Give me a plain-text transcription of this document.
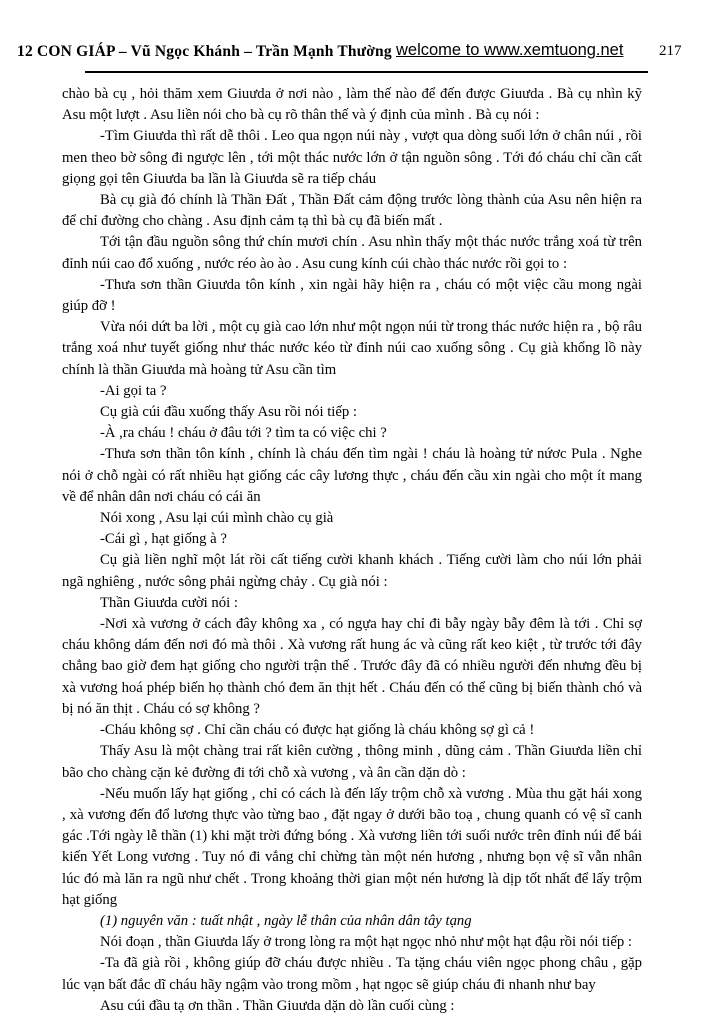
12 CON GIÁP – Vũ Ngọc Khánh – Trần Mạnh Thường welcome to www.xemtuong.net 217

chào bà cụ , hỏi thăm xem Giuưda ở nơi nào , làm thế nào để đến được Giuưda . Bà cụ nhìn kỹ Asu một lượt . Asu liền nói cho bà cụ rõ thân thế và ý định của mình . Bà cụ nói :

-Tìm Giuưda thì rất dễ thôi . Leo qua ngọn núi này , vượt qua dòng suối lớn ở chân núi , rồi men theo bờ sông đi ngược lên , tới một thác nước lớn ở tận nguồn sông . Tới đó cháu chỉ cần cất giọng gọi tên Giuưda ba lần là Giuưda sẽ ra tiếp cháu

Bà cụ già đó chính là Thần Đất , Thần Đất cảm động trước lòng thành của Asu nên hiện ra để chỉ đường cho chàng . Asu định cảm tạ thì bà cụ đã biến mất .

Tới tận đầu nguồn sông thứ chín mươi chín . Asu nhìn thấy một thác nước trắng xoá từ trên đỉnh núi cao đổ xuống , nước réo ào ào . Asu cung kính cúi chào thác nước rồi gọi to :

-Thưa sơn thần Giuưda tôn kính , xin ngài hãy hiện ra , cháu có một việc cầu mong ngài giúp đỡ !

Vừa nói dứt ba lời , một cụ già cao lớn như một ngọn núi từ trong thác nước hiện ra , bộ râu trắng xoá như tuyết giống như thác nước kéo từ đỉnh núi cao xuống sông . Cụ già khổng lồ này chính là thần Giuưda mà hoàng tử Asu cần tìm

-Ai gọi ta ?

Cụ già cúi đầu xuống thấy Asu rồi nói tiếp :

-À ,ra cháu ! cháu ở đâu tới ? tìm ta có việc chi ?

-Thưa sơn thần tôn kính , chính là cháu đến tìm ngài ! cháu là hoàng tử nứơc Pula . Nghe nói ở chỗ ngài có rất nhiều hạt giống các cây lương thực , cháu đến cầu xin ngài cho một ít mang về để nhân dân nơi cháu có cái ăn

Nói xong , Asu lại cúi mình chào cụ già

-Cái gì , hạt giống à ?

Cụ già liền nghĩ một lát rồi cất tiếng cười khanh khách . Tiếng cười làm cho núi lớn phải ngã nghiêng , nước sông phải ngừng chảy . Cụ già nói :

Thần Giuưda cười nói :

-Nơi xà vương ở cách đây không xa , có ngựa hay chỉ đi bẫy ngày bẫy đêm là tới . Chỉ sợ cháu không dám đến nơi đó mà thôi . Xà vương rất hung ác và cũng rất keo kiệt , từ trước tới đây chẳng bao giờ đem hạt giống cho người trận thế . Trước đây đã có nhiều người đến nhưng đều bị xà vương hoá phép biến họ thành chó đem ăn thịt hết . Cháu đến có thể cũng bị biến thành chó và bị nó ăn thịt . Cháu có sợ không ?

-Cháu không sợ . Chỉ cần cháu có được hạt giống là cháu không sợ gì cả !

Thấy Asu là một chàng trai rất kiên cường , thông minh , dũng cảm . Thần Giuưda liền chỉ bão cho chàng cặn kẻ đường đi tới chỗ xà vương , và ân cần dặn dò :

-Nếu muốn lấy hạt giống , chỉ có cách là đến lấy trộm chỗ xà vương . Mùa thu gặt hái xong , xà vương đến đổ lương thực vào từng bao , đặt ngay ở dưới bão toạ , chung quanh có vệ sĩ canh gác .Tới ngày lễ thần (1) khi mặt trời đứng bóng . Xà vương liền tới suối nước trên đỉnh núi để bái kiến Yết Long vương . Tuy nó đi vắng chỉ chừng tàn một nén hương , nhưng bọn vệ sĩ vẫn nhân lúc đó mà lăn ra ngũ như chết . Trong khoảng thời gian một nén hương là dịp tốt nhất để lấy trộm hạt giống

(1) nguyên văn : tuất nhật , ngày lễ thân của nhân dân tây tạng

Nói đoạn , thần Giuưda lấy ở trong lòng ra một hạt ngọc nhỏ như một hạt đậu rồi nói tiếp :

-Ta đã già rồi , không giúp đỡ cháu được nhiều . Ta tặng cháu viên ngọc phong châu , gặp lúc vạn bất đắc dĩ cháu hãy ngậm vào trong mồm , hạt ngọc sẽ giúp cháu đi nhanh như bay

Asu cúi đầu tạ ơn thần . Thần Giuưda dặn dò lần cuối cùng :
